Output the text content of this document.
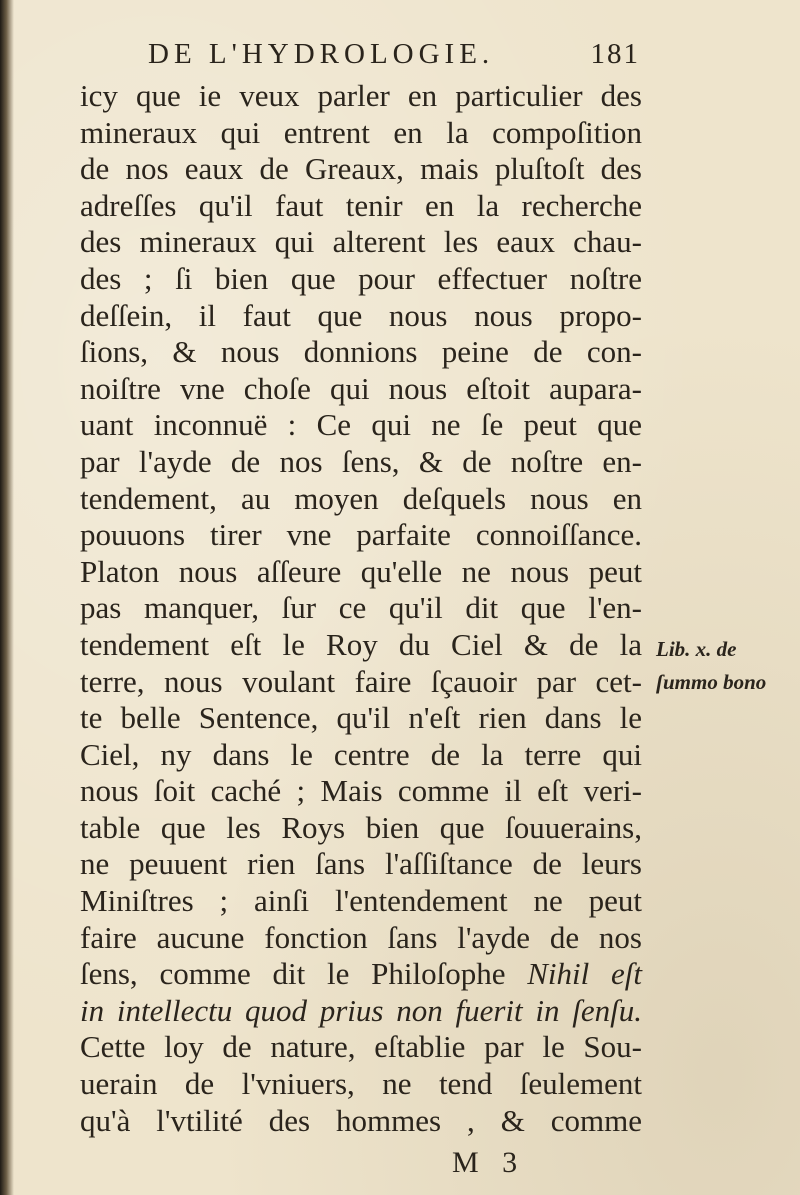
DE L'HYDROLOGIE.	181
icy que ie veux parler en particulier des
mineraux qui entrent en la compoſition
de nos eaux de Greaux, mais pluſtoſt des
adreſſes qu'il faut tenir en la recherche
des mineraux qui alterent les eaux chau-
des ; ſi bien que pour effectuer noſtre
deſſein, il faut que nous nous propo-
ſions, & nous donnions peine de con-
noiſtre vne choſe qui nous eſtoit aupara-
uant inconnuë : Ce qui ne ſe peut que
par l'ayde de nos ſens, & de noſtre en-
tendement, au moyen deſquels nous en
pouuons tirer vne parfaite connoiſſance.
Platon nous aſſeure qu'elle ne nous peut
pas manquer, ſur ce qu'il dit que l'en-
tendement eſt le Roy du Ciel & de la
terre, nous voulant faire ſçauoir par cet-
te belle Sentence, qu'il n'eſt rien dans le
Ciel, ny dans le centre de la terre qui
nous ſoit caché ; Mais comme il eſt veri-
table que les Roys bien que ſouuerains,
ne peuuent rien ſans l'aſſiſtance de leurs
Miniſtres ; ainſi l'entendement ne peut
faire aucune fonction ſans l'ayde de nos
ſens, comme dit le Philoſophe Nihil eſt
in intellectu quod prius non fuerit in ſenſu.
Cette loy de nature, eſtablie par le Sou-
uerain de l'vniuers, ne tend ſeulement
qu'à l'vtilité des hommes , & comme
Lib. x. de
ſummo bono
M 3
